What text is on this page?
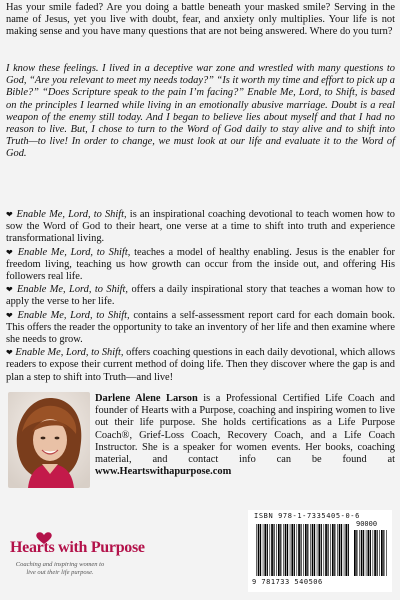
Has your smile faded? Are you doing a battle beneath your masked smile? Serving in the name of Jesus, yet you live with doubt, fear, and anxiety only multiplies. Your life is not making sense and you have many questions that are not being answered. Where do you turn?

I know these feelings. I lived in a deceptive war zone and wrestled with many questions to God, “Are you relevant to meet my needs today?” “Is it worth my time and effort to pick up a Bible?” “Does Scripture speak to the pain I’m facing?” Enable Me, Lord, to Shift, is based on the principles I learned while living in an emotionally abusive marriage. Doubt is a real weapon of the enemy still today. And I began to believe lies about myself and that I had no reason to live. But, I chose to turn to the Word of God daily to stay alive and to shift into Truth—to live! In order to change, we must look at our life and evaluate it to the Word of God.

❤ Enable Me, Lord, to Shift, is an inspirational coaching devotional to teach women how to sow the Word of God to their heart, one verse at a time to shift into truth and experience transformational living.

❤ Enable Me, Lord, to Shift, teaches a model of healthy enabling. Jesus is the enabler for freedom living, teaching us how growth can occur from the inside out, and offering His followers real life.

❤ Enable Me, Lord, to Shift, offers a daily inspirational story that teaches a woman how to apply the verse to her life.

❤ Enable Me, Lord, to Shift, contains a self-assessment report card for each domain book. This offers the reader the opportunity to take an inventory of her life and then examine where she needs to grow.

❤ Enable Me, Lord, to Shift, offers coaching questions in each daily devotional, which allows readers to expose their current method of doing life. Then they discover where the gap is and plan a step to shift into Truth—and live!

Darlene Alene Larson is a Professional Certified Life Coach and founder of Hearts with a Purpose, coaching and inspiring women to live out their life purpose. She holds certifications as a Life Purpose Coach®, Grief-Loss Coach, Recovery Coach, and a Life Coach Instructor. She is a speaker for women events. Her books, coaching material, and contact info can be found at www.Heartswithapurpose.com

Hearts with Purpose
Coaching and inspiring women to live out their life purpose.
ISBN 978-1-7335405-0-6
90000
9 781733 540506
